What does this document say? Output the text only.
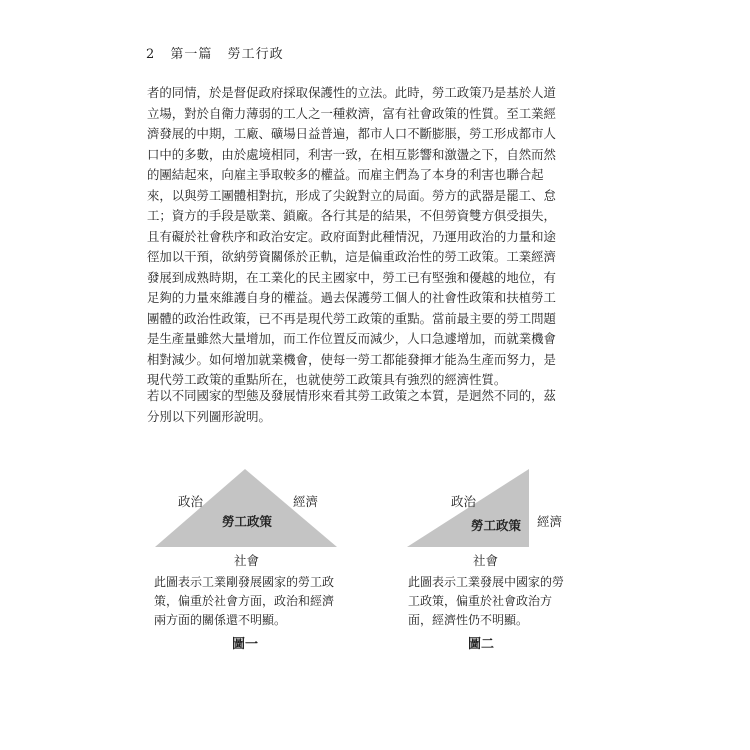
2 第一篇 勞工行政
者的同情，於是督促政府採取保護性的立法。此時，勞工政策乃是基於人道
立場，對於自衛力薄弱的工人之一種救濟，富有社會政策的性質。至工業經
濟發展的中期，工廠、礦場日益普遍，都市人口不斷膨脹，勞工形成都市人
口中的多數，由於處境相同，利害一致，在相互影響和激盪之下，自然而然
的團結起來，向雇主爭取較多的權益。而雇主們為了本身的利害也聯合起
來，以與勞工團體相對抗，形成了尖銳對立的局面。勞方的武器是罷工、怠
工；資方的手段是歇業、鎖廠。各行其是的結果，不但勞資雙方俱受損失，
且有礙於社會秩序和政治安定。政府面對此種情況，乃運用政治的力量和途
徑加以干預，欲納勞資關係於正軌，這是偏重政治性的勞工政策。工業經濟
發展到成熟時期，在工業化的民主國家中，勞工已有堅強和優越的地位，有
足夠的力量來維護自身的權益。過去保護勞工個人的社會性政策和扶植勞工
團體的政治性政策，已不再是現代勞工政策的重點。當前最主要的勞工問題
是生產量雖然大量增加，而工作位置反而減少，人口急遽增加，而就業機會
相對減少。如何增加就業機會，使每一勞工都能發揮才能為生產而努力，是
現代勞工政策的重點所在，也就使勞工政策具有強烈的經濟性質。
若以不同國家的型態及發展情形來看其勞工政策之本質，是迥然不同的，茲
分別以下列圖形說明。
政治	經濟
勞工政策
社會
此圖表示工業剛發展國家的勞工政
策，偏重於社會方面，政治和經濟
兩方面的關係還不明顯。
圖一
政治
經濟
勞工政策
社會
此圖表示工業發展中國家的勞
工政策，偏重於社會政治方
面，經濟性仍不明顯。
圖二
